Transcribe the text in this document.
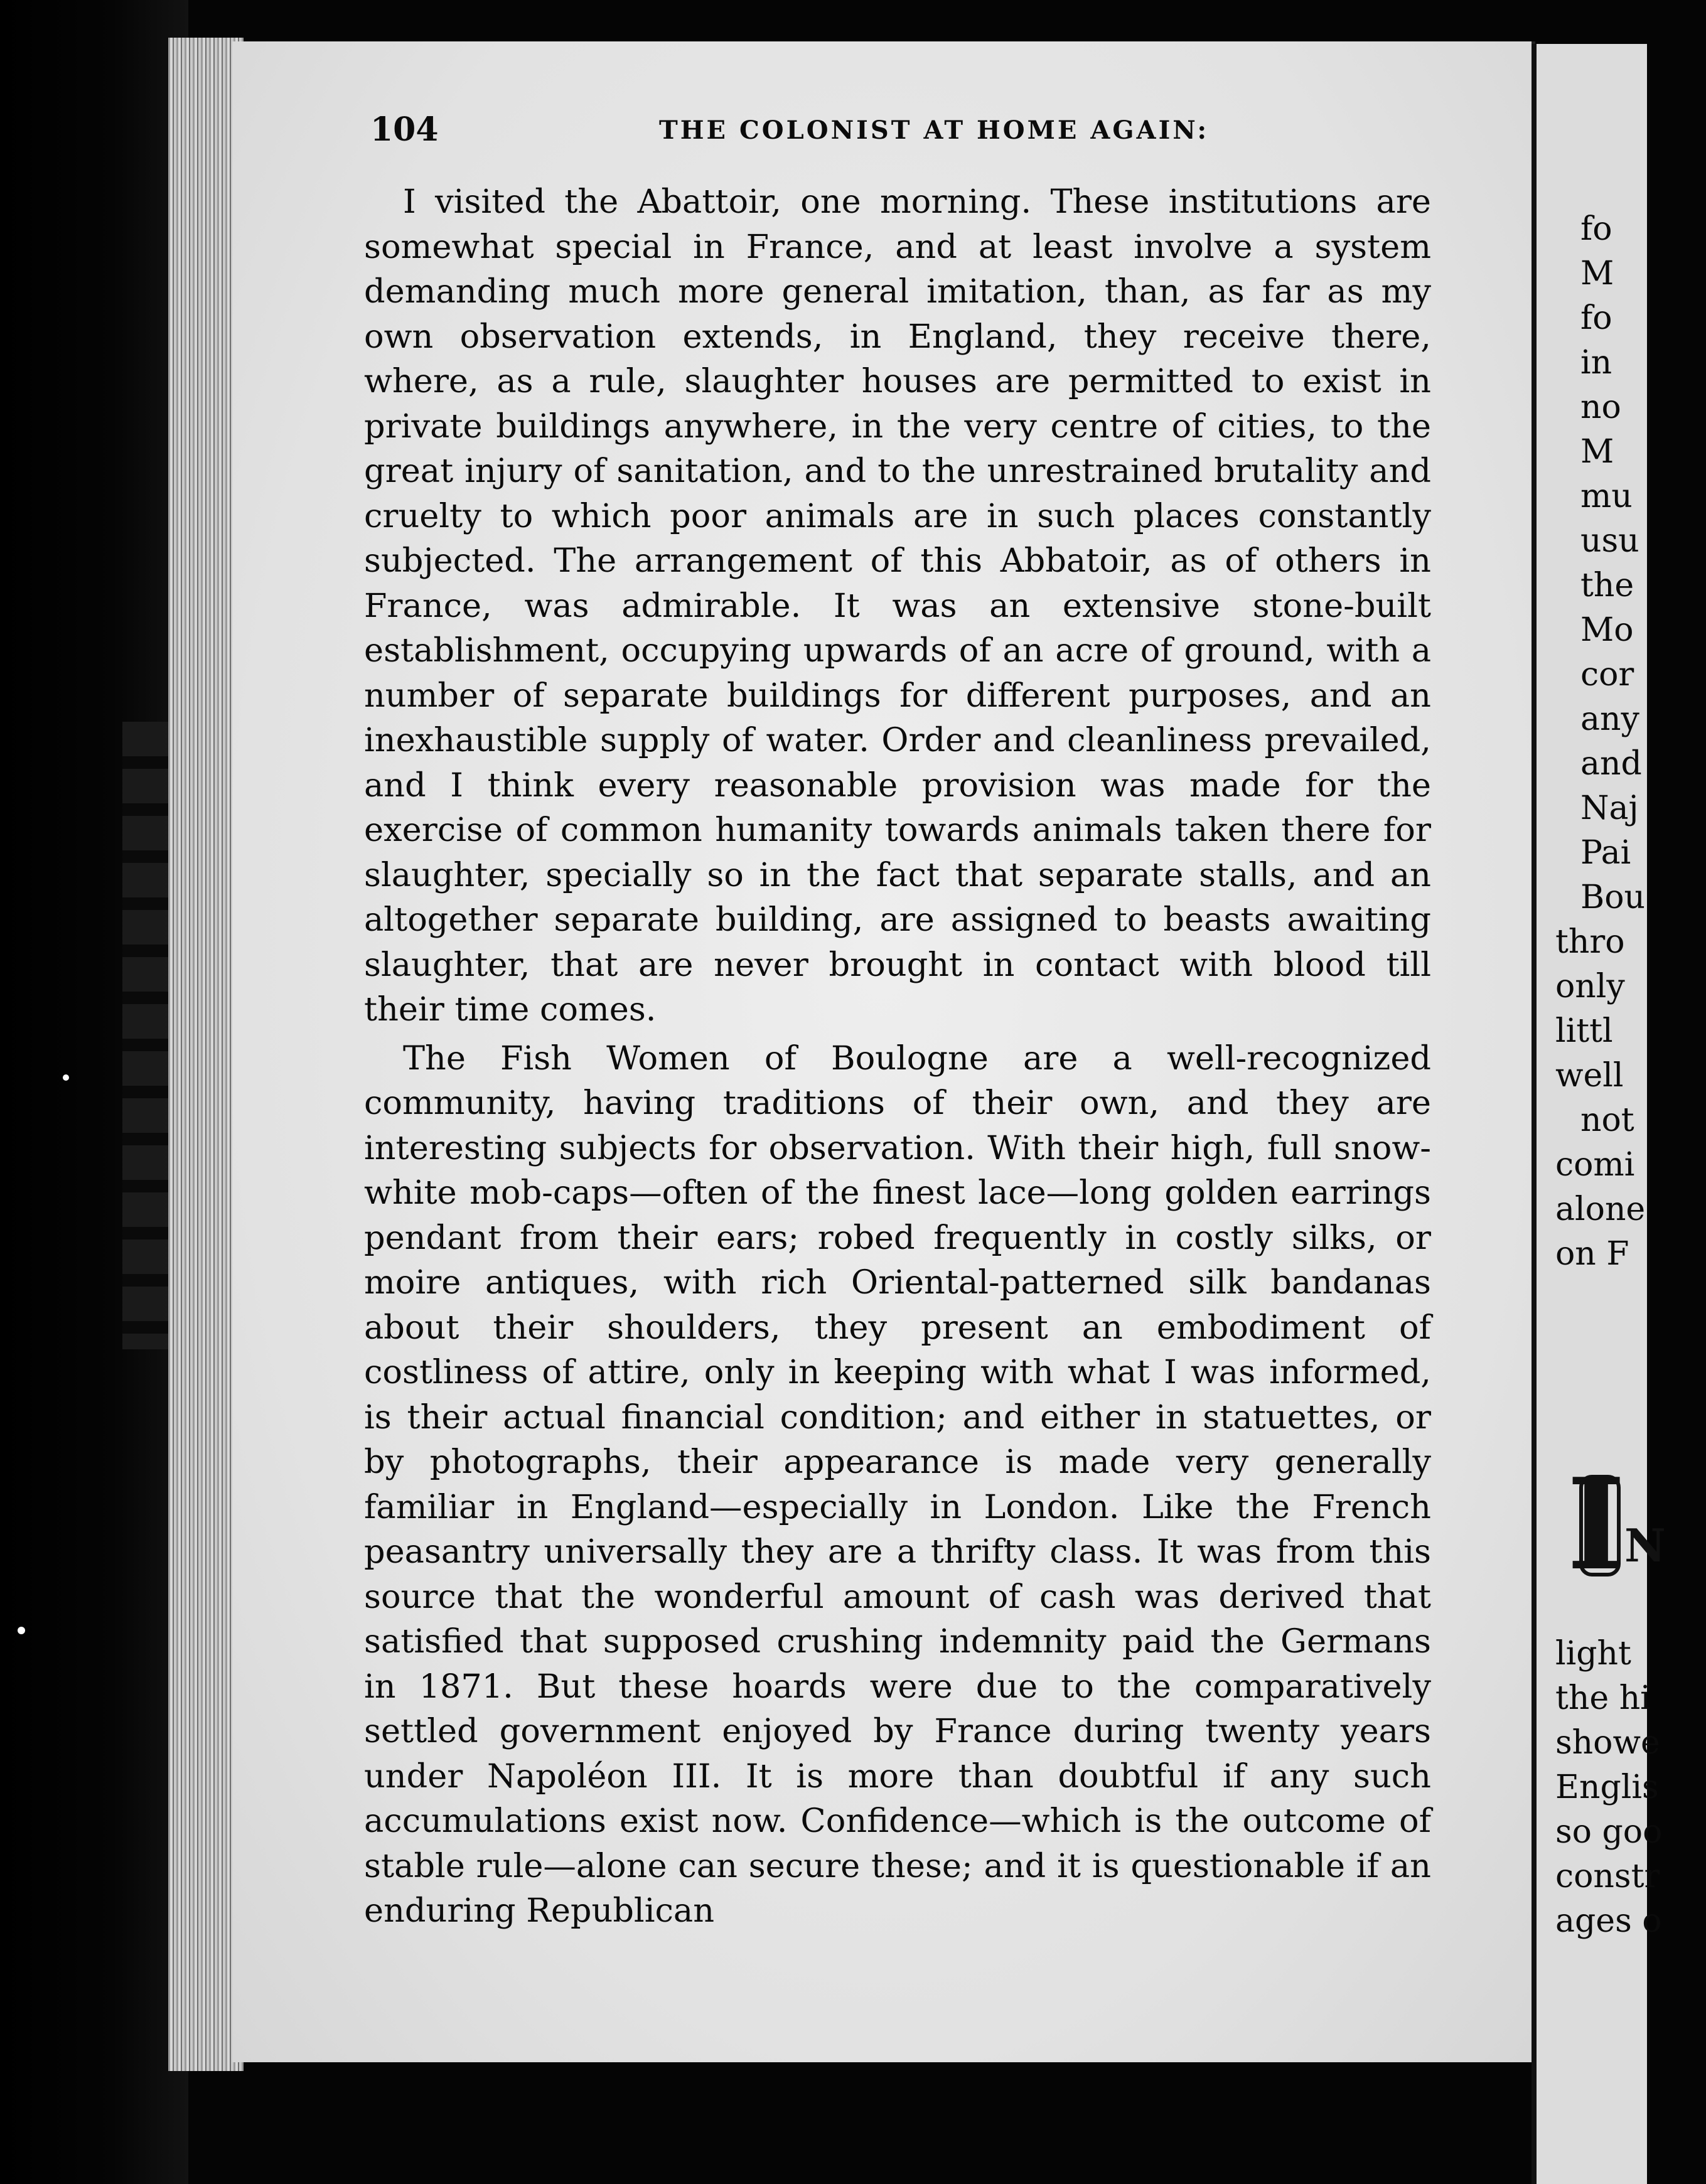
104	THE COLONIST AT HOME AGAIN:

I visited the Abattoir, one morning. These institutions are somewhat special in France, and at least involve a system demanding much more general imitation, than, as far as my own observation extends, in England, they receive there, where, as a rule, slaughter houses are permitted to exist in private buildings anywhere, in the very centre of cities, to the great injury of sanitation, and to the unrestrained brutality and cruelty to which poor animals are in such places constantly subjected. The arrangement of this Abbatoir, as of others in France, was admirable. It was an extensive stone-built establishment, occupying upwards of an acre of ground, with a number of separate buildings for different purposes, and an inexhaustible supply of water. Order and cleanliness prevailed, and I think every reasonable provision was made for the exercise of common humanity towards animals taken there for slaughter, specially so in the fact that separate stalls, and an altogether separate building, are assigned to beasts awaiting slaughter, that are never brought in contact with blood till their time comes.

The Fish Women of Boulogne are a well-recognized community, having traditions of their own, and they are interesting subjects for observation. With their high, full snow-white mob-caps—often of the finest lace—long golden earrings pendant from their ears; robed frequently in costly silks, or moire antiques, with rich Oriental-patterned silk bandanas about their shoulders, they present an embodiment of costliness of attire, only in keeping with what I was informed, is their actual financial condition; and either in statuettes, or by photographs, their appearance is made very generally familiar in England—especially in London. Like the French peasantry universally they are a thrifty class. It was from this source that the wonderful amount of cash was derived that satisfied that supposed crushing indemnity paid the Germans in 1871. But these hoards were due to the comparatively settled government enjoyed by France during twenty years under Napoléon III. It is more than doubtful if any such accumulations exist now. Confidence—which is the outcome of stable rule—alone can secure these; and it is questionable if an enduring Republican

fo
M
fo
in
no
M
mu
usu
the
Mo
cor
any
and
Naj
Pai
Bou
thro
only
littl
well
not
comi
alone
on F
I
N
light
the hi
showe
Englis
so goo
constr
ages o
